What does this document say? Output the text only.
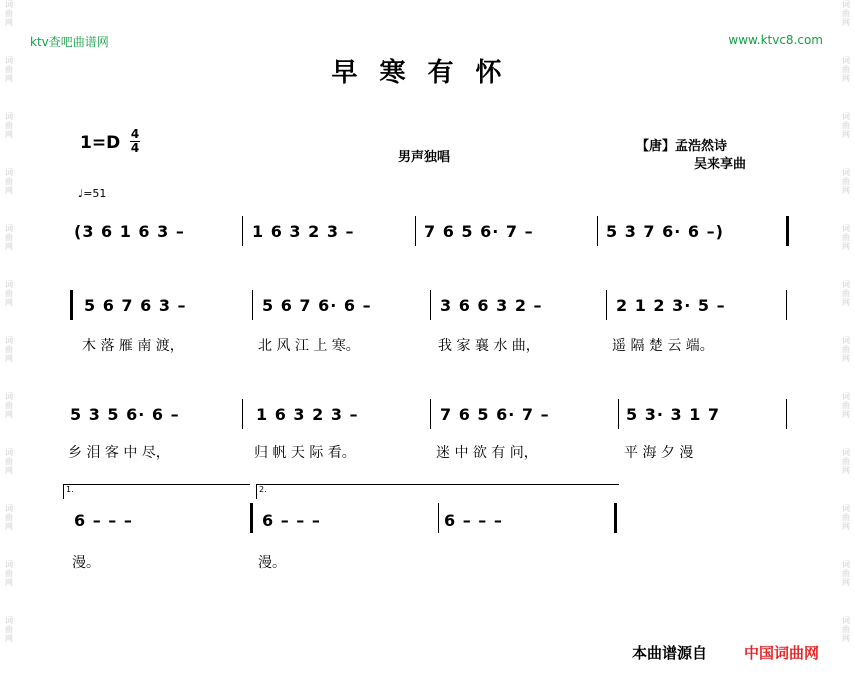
词
曲
网
词
曲
网
词
曲
网
词
曲
网
词
曲
网
词
曲
网
词
曲
网
词
曲
网
词
曲
网
词
曲
网
词
曲
网
词
曲
网
词
曲
网
词
曲
网
词
曲
网
词
曲
网
词
曲
网
词
曲
网
词
曲
网
词
曲
网
词
曲
网
词
曲
网
词
曲
网
词
曲
网
ktv查吧曲谱网	www.ktvc8.com
早寒有怀
1=D 4
4
男声独唱
【唐】孟浩然诗
吴来享曲
♩=51
(3 6 1 6 3 –	1 6 3 2 3 –	7 6 5 6· 7 –	5 3 7 6· 6 –)
5 6 7 6 3 –	5 6 7 6· 6 –	3 6 6 3 2 –	2 1 2 3· 5 –
木 落 雁 南 渡，	北 风 江 上 寒。	我 家 襄 水 曲，	遥 隔 楚 云 端。
5 3 5 6· 6 –	1 6 3 2 3 –	7 6 5 6· 7 –	5 3· 3 1 7
乡 泪 客 中 尽，	归 帆 天 际 看。	迷 中 欲 有 问，	平 海 夕 漫
1.	2.
6 – – –	6 – – –	6 – – –
漫。	漫。
本曲谱源自 中国词曲网
